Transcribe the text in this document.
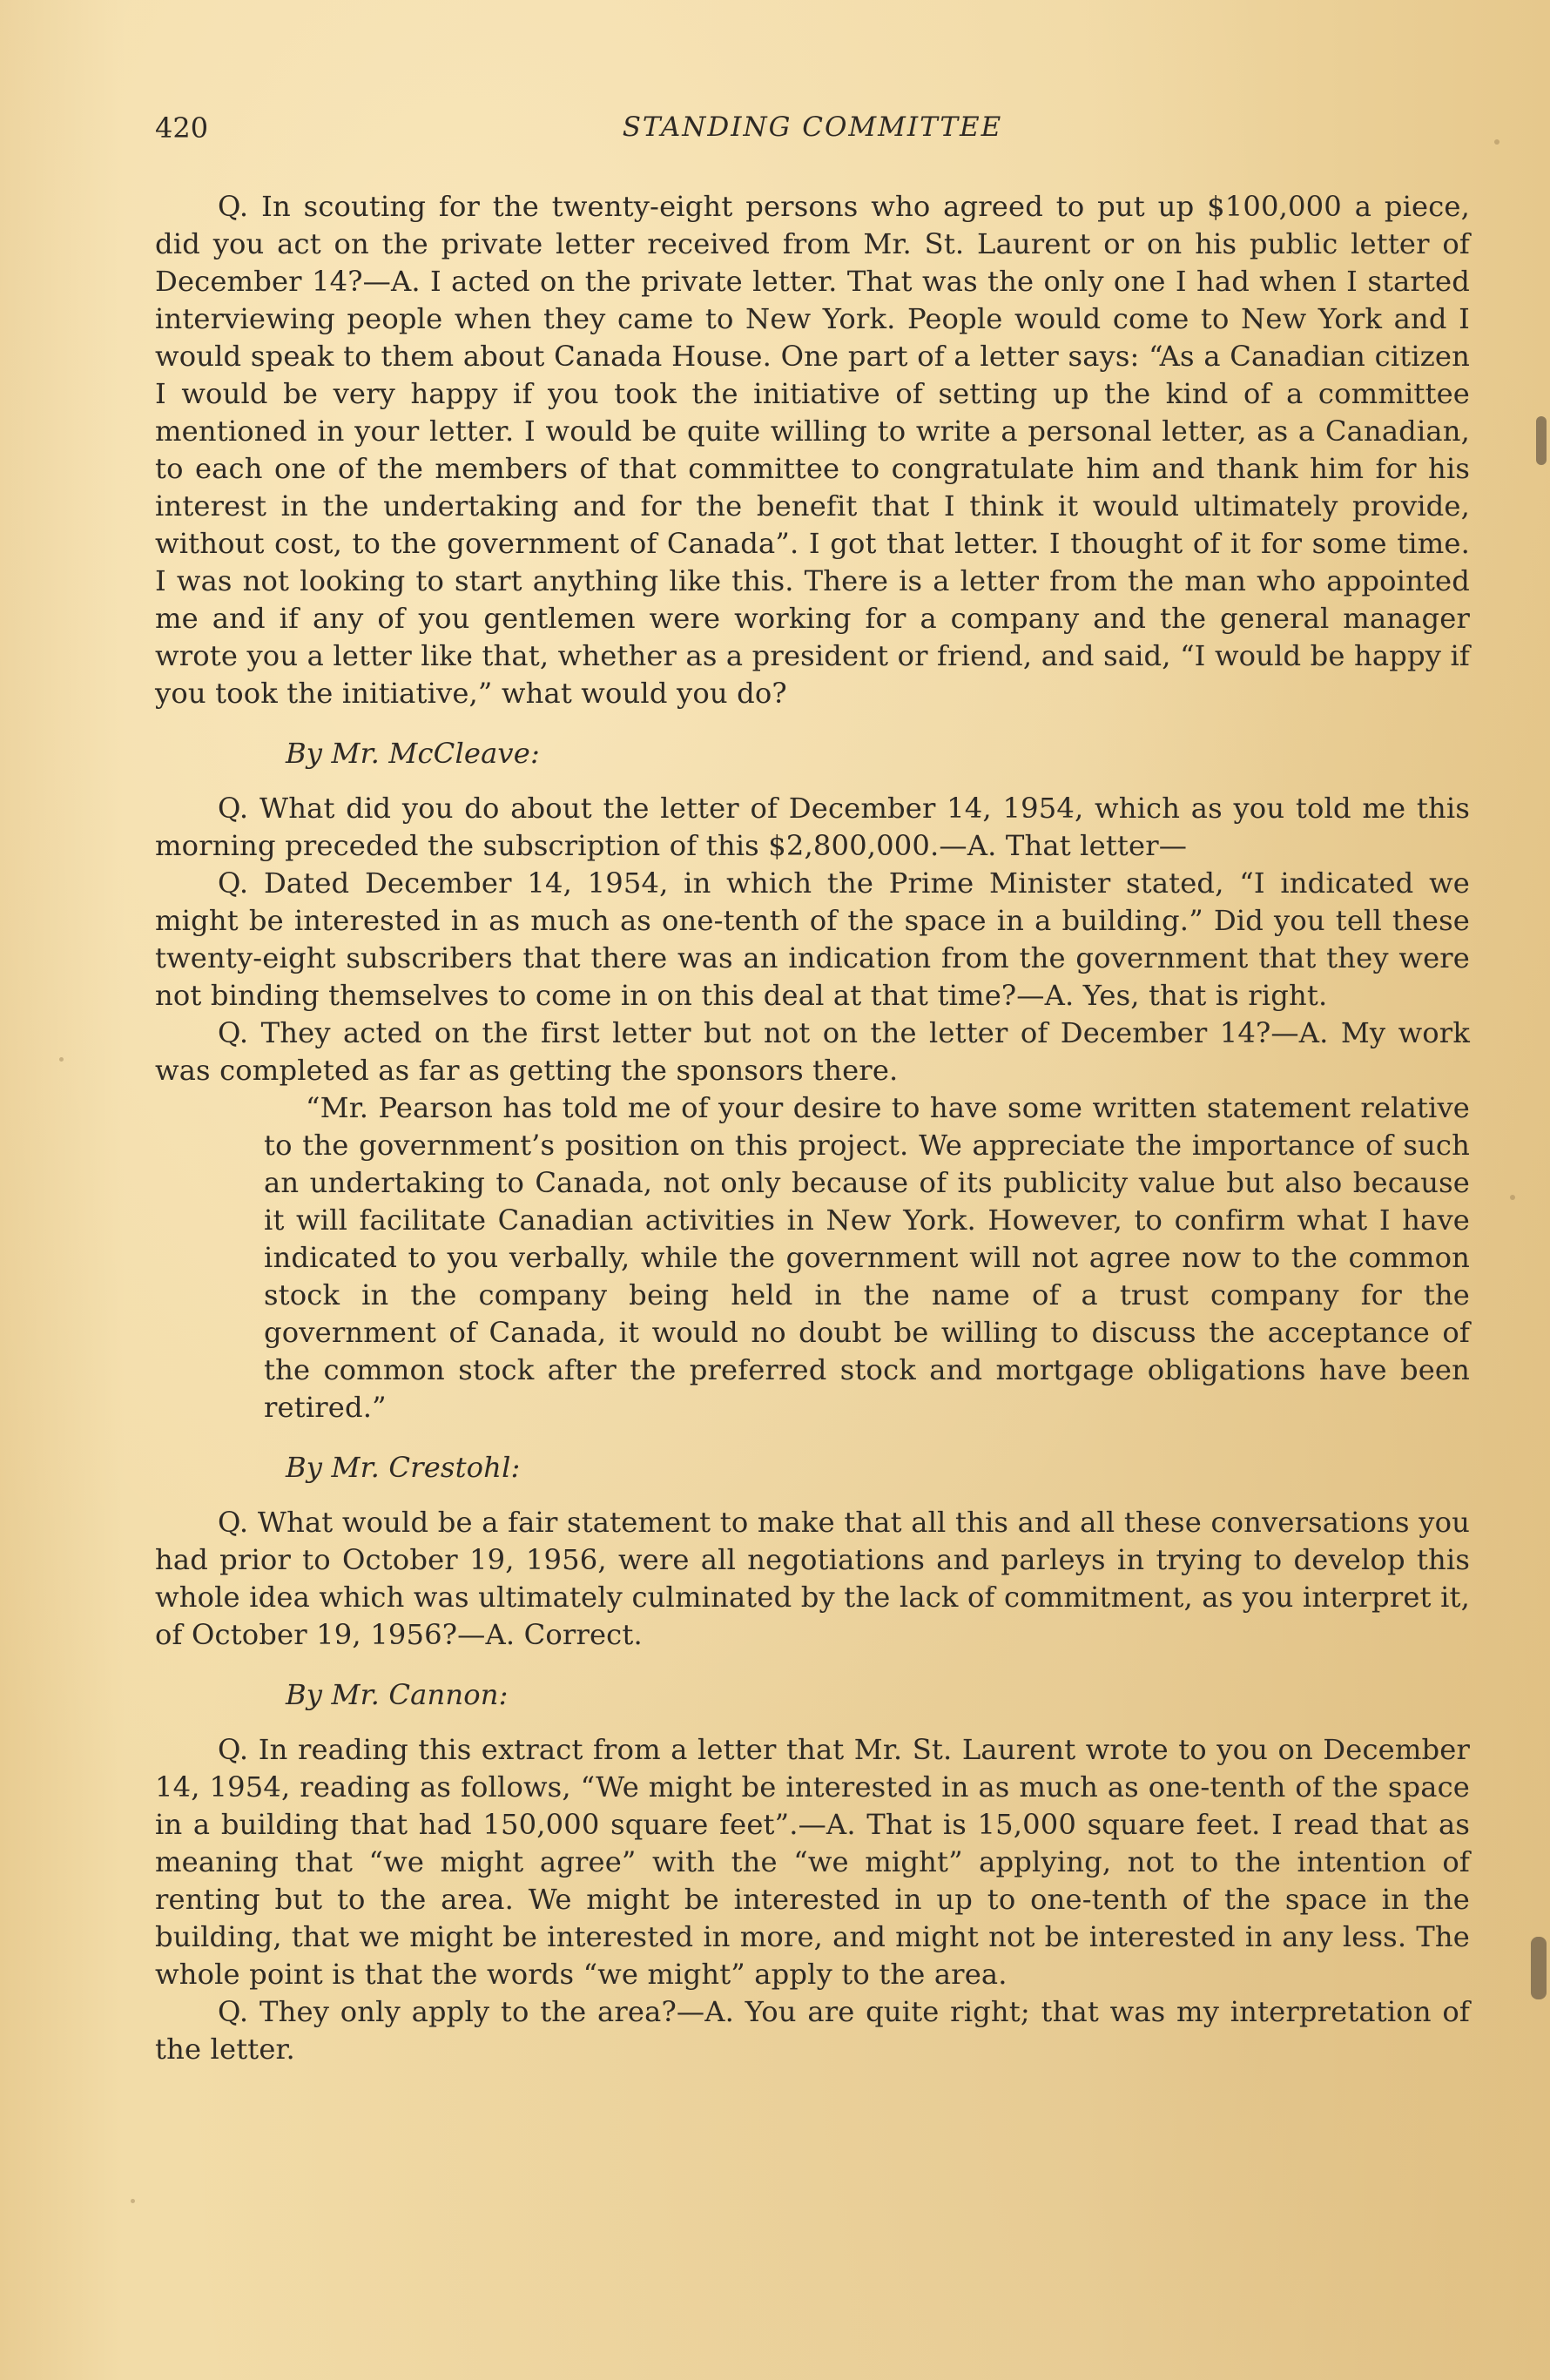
420	STANDING COMMITTEE

Q. In scouting for the twenty-eight persons who agreed to put up $100,000 a piece, did you act on the private letter received from Mr. St. Laurent or on his public letter of December 14?—A. I acted on the private letter. That was the only one I had when I started interviewing people when they came to New York. People would come to New York and I would speak to them about Canada House. One part of a letter says: “As a Canadian citizen I would be very happy if you took the initiative of setting up the kind of a committee mentioned in your letter. I would be quite willing to write a personal letter, as a Canadian, to each one of the members of that committee to congratulate him and thank him for his interest in the undertaking and for the benefit that I think it would ultimately provide, without cost, to the government of Canada”. I got that letter. I thought of it for some time. I was not looking to start anything like this. There is a letter from the man who appointed me and if any of you gentlemen were working for a company and the general manager wrote you a letter like that, whether as a president or friend, and said, “I would be happy if you took the initiative,” what would you do?

By Mr. McCleave:

Q. What did you do about the letter of December 14, 1954, which as you told me this morning preceded the subscription of this $2,800,000.—A. That letter—

Q. Dated December 14, 1954, in which the Prime Minister stated, “I indicated we might be interested in as much as one-tenth of the space in a building.” Did you tell these twenty-eight subscribers that there was an indication from the government that they were not binding themselves to come in on this deal at that time?—A. Yes, that is right.

Q. They acted on the first letter but not on the letter of December 14?—A. My work was completed as far as getting the sponsors there.

“Mr. Pearson has told me of your desire to have some written statement relative to the government’s position on this project. We appreciate the importance of such an undertaking to Canada, not only because of its publicity value but also because it will facilitate Canadian activities in New York. However, to confirm what I have indicated to you verbally, while the government will not agree now to the common stock in the company being held in the name of a trust company for the government of Canada, it would no doubt be willing to discuss the acceptance of the common stock after the preferred stock and mortgage obligations have been retired.”

By Mr. Crestohl:

Q. What would be a fair statement to make that all this and all these conversations you had prior to October 19, 1956, were all negotiations and parleys in trying to develop this whole idea which was ultimately culminated by the lack of commitment, as you interpret it, of October 19, 1956?—A. Correct.

By Mr. Cannon:

Q. In reading this extract from a letter that Mr. St. Laurent wrote to you on December 14, 1954, reading as follows, “We might be interested in as much as one-tenth of the space in a building that had 150,000 square feet”.—A. That is 15,000 square feet. I read that as meaning that “we might agree” with the “we might” applying, not to the intention of renting but to the area. We might be interested in up to one-tenth of the space in the building, that we might be interested in more, and might not be interested in any less. The whole point is that the words “we might” apply to the area.

Q. They only apply to the area?—A. You are quite right; that was my interpretation of the letter.
